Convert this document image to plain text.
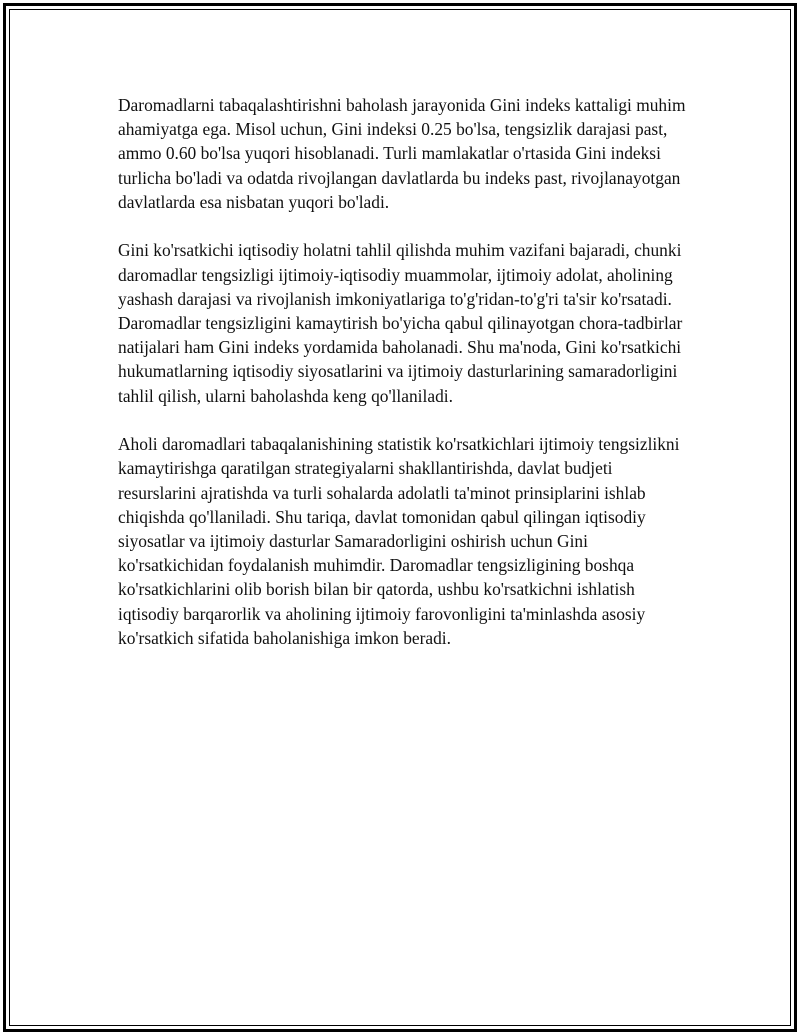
Daromadlarni tabaqalashtirishni baholash jarayonida Gini indeks kattaligi muhim ahamiyatga ega. Misol uchun, Gini indeksi 0.25 bo'lsa, tengsizlik darajasi past, ammo 0.60 bo'lsa yuqori hisoblanadi. Turli mamlakatlar o'rtasida Gini indeksi turlicha bo'ladi va odatda rivojlangan davlatlarda bu indeks past, rivojlanayotgan davlatlarda esa nisbatan yuqori bo'ladi.

Gini ko'rsatkichi iqtisodiy holatni tahlil qilishda muhim vazifani bajaradi, chunki daromadlar tengsizligi ijtimoiy-iqtisodiy muammolar, ijtimoiy adolat, aholining yashash darajasi va rivojlanish imkoniyatlariga to'g'ridan-to'g'ri ta'sir ko'rsatadi. Daromadlar tengsizligini kamaytirish bo'yicha qabul qilinayotgan chora-tadbirlar natijalari ham Gini indeks yordamida baholanadi. Shu ma'noda, Gini ko'rsatkichi hukumatlarning iqtisodiy siyosatlarini va ijtimoiy dasturlarining samaradorligini tahlil qilish, ularni baholashda keng qo'llaniladi.

Aholi daromadlari tabaqalanishining statistik ko'rsatkichlari ijtimoiy tengsizlikni kamaytirishga qaratilgan strategiyalarni shakllantirishda, davlat budjeti resurslarini ajratishda va turli sohalarda adolatli ta'minot prinsiplarini ishlab chiqishda qo'llaniladi. Shu tariqa, davlat tomonidan qabul qilingan iqtisodiy siyosatlar va ijtimoiy dasturlar Samaradorligini oshirish uchun Gini ko'rsatkichidan foydalanish muhimdir. Daromadlar tengsizligining boshqa ko'rsatkichlarini olib borish bilan bir qatorda, ushbu ko'rsatkichni ishlatish iqtisodiy barqarorlik va aholining ijtimoiy farovonligini ta'minlashda asosiy ko'rsatkich sifatida baholanishiga imkon beradi.
